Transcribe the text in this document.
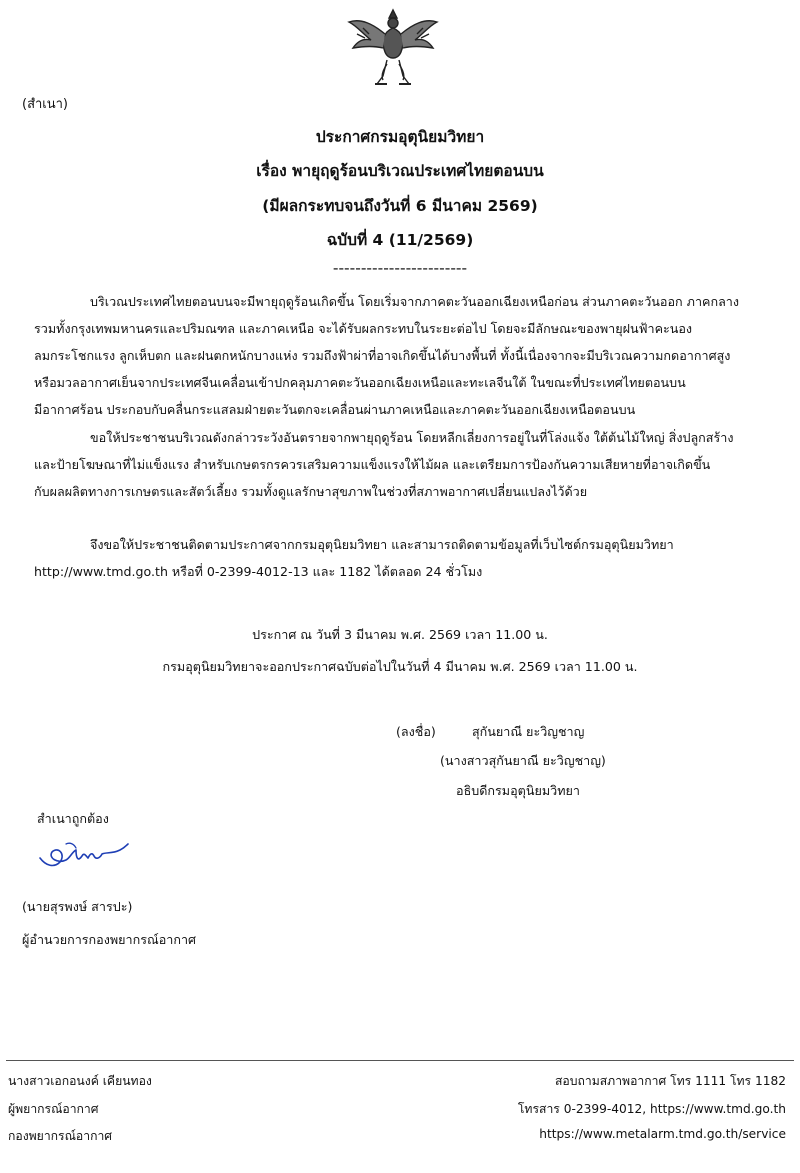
(สำเนา)
ประกาศกรมอุตุนิยมวิทยา
เรื่อง พายุฤดูร้อนบริเวณประเทศไทยตอนบน
(มีผลกระทบจนถึงวันที่ 6 มีนาคม 2569)
ฉบับที่ 4 (11/2569)
------------------------
บริเวณประเทศไทยตอนบนจะมีพายุฤดูร้อนเกิดขึ้น โดยเริ่มจากภาคตะวันออกเฉียงเหนือก่อน ส่วนภาคตะวันออก ภาคกลาง
รวมทั้งกรุงเทพมหานครและปริมณฑล และภาคเหนือ จะได้รับผลกระทบในระยะต่อไป โดยจะมีลักษณะของพายุฝนฟ้าคะนอง
ลมกระโชกแรง ลูกเห็บตก และฝนตกหนักบางแห่ง รวมถึงฟ้าผ่าที่อาจเกิดขึ้นได้บางพื้นที่ ทั้งนี้เนื่องจากจะมีบริเวณความกดอากาศสูง
หรือมวลอากาศเย็นจากประเทศจีนเคลื่อนเข้าปกคลุมภาคตะวันออกเฉียงเหนือและทะเลจีนใต้ ในขณะที่ประเทศไทยตอนบน
มีอากาศร้อน ประกอบกับคลื่นกระแสลมฝ่ายตะวันตกจะเคลื่อนผ่านภาคเหนือและภาคตะวันออกเฉียงเหนือตอนบน
ขอให้ประชาชนบริเวณดังกล่าวระวังอันตรายจากพายุฤดูร้อน โดยหลีกเลี่ยงการอยู่ในที่โล่งแจ้ง ใต้ต้นไม้ใหญ่ สิ่งปลูกสร้าง
และป้ายโฆษณาที่ไม่แข็งแรง สำหรับเกษตรกรควรเสริมความแข็งแรงให้ไม้ผล และเตรียมการป้องกันความเสียหายที่อาจเกิดขึ้น
กับผลผลิตทางการเกษตรและสัตว์เลี้ยง รวมทั้งดูแลรักษาสุขภาพในช่วงที่สภาพอากาศเปลี่ยนแปลงไว้ด้วย
จึงขอให้ประชาชนติดตามประกาศจากกรมอุตุนิยมวิทยา และสามารถติดตามข้อมูลที่เว็บไซต์กรมอุตุนิยมวิทยา
http://www.tmd.go.th หรือที่ 0-2399-4012-13 และ 1182 ได้ตลอด 24 ชั่วโมง
ประกาศ ณ วันที่ 3 มีนาคม พ.ศ. 2569 เวลา 11.00 น.
กรมอุตุนิยมวิทยาจะออกประกาศฉบับต่อไปในวันที่ 4 มีนาคม พ.ศ. 2569 เวลา 11.00 น.
(ลงชื่อ)	สุกันยาณี ยะวิญชาญ
(นางสาวสุกันยาณี ยะวิญชาญ)
อธิบดีกรมอุตุนิยมวิทยา
สำเนาถูกต้อง
(นายสุรพงษ์ สารปะ)
ผู้อำนวยการกองพยากรณ์อากาศ
นางสาวเอกอนงค์ เคียนทอง
ผู้พยากรณ์อากาศ
กองพยากรณ์อากาศ
สอบถามสภาพอากาศ โทร 1111 โทร 1182
โทรสาร 0-2399-4012, https://www.tmd.go.th
https://www.metalarm.tmd.go.th/service
